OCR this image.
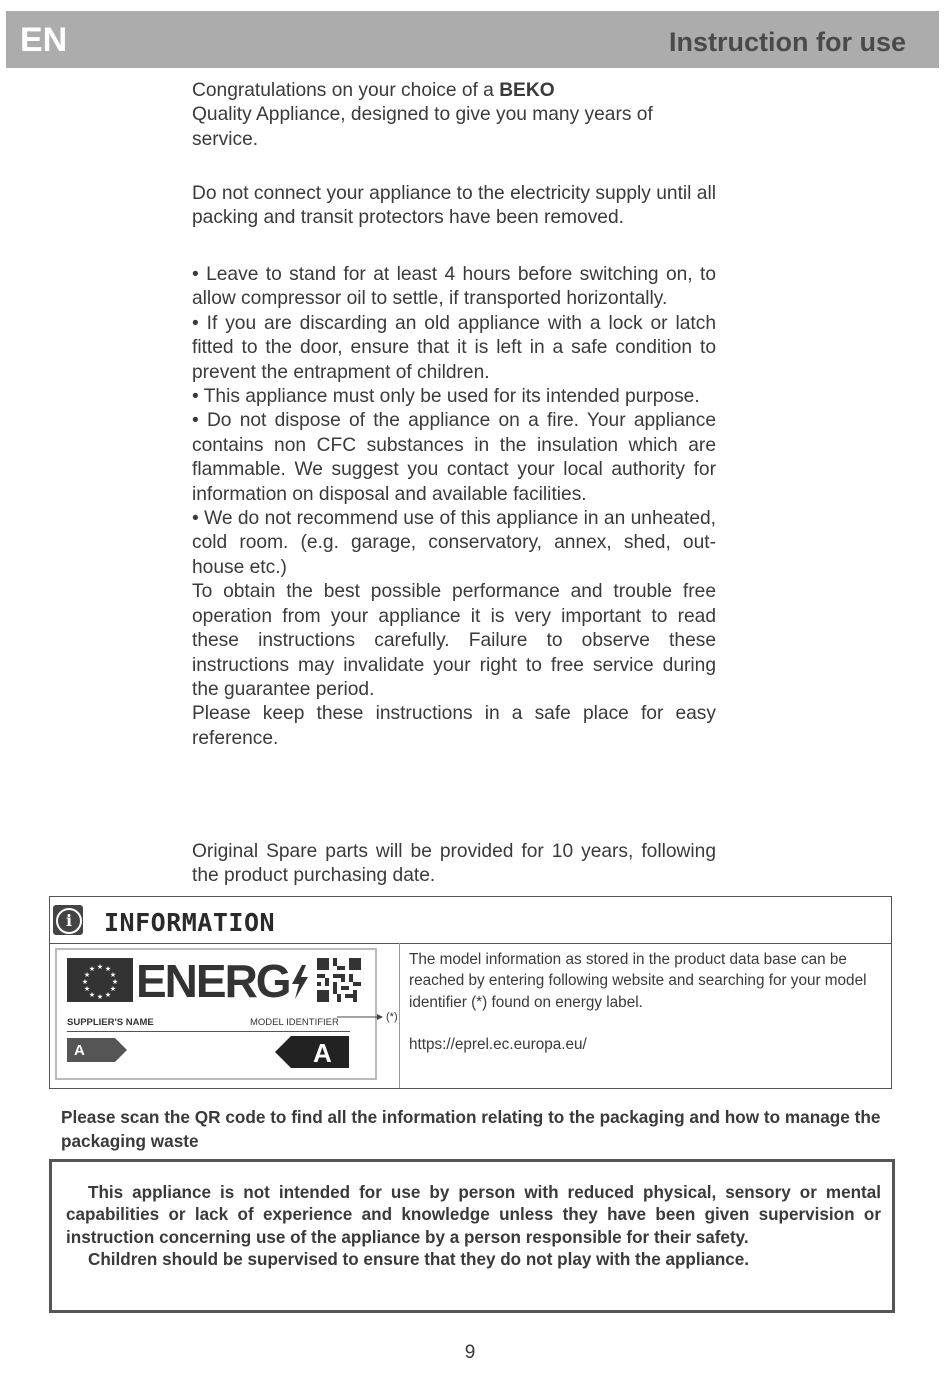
EN	Instruction for use

Congratulations on your choice of a BEKO
Quality Appliance, designed to give you many years of service.

Do not connect your appliance to the electricity supply until all packing and transit protectors have been removed.

• Leave to stand for at least 4 hours before switching on, to allow compressor oil to settle, if transported horizontally.

• If you are discarding an old appliance with a lock or latch fitted to the door, ensure that it is left in a safe condition to prevent the entrapment of children.

• This appliance must only be used for its intended purpose.

• Do not dispose of the appliance on a fire. Your appliance contains non CFC substances in the insulation which are flammable. We suggest you contact your local authority for information on disposal and available facilities.

• We do not recommend use of this appliance in an unheated, cold room. (e.g. garage, conservatory, annex, shed, out-house etc.)

To obtain the best possible performance and trouble free operation from your appliance it is very important to read these instructions carefully. Failure to observe these instructions may invalidate your right to free service during the guarantee period.

Please keep these instructions in a safe place for easy reference.

Original Spare parts will be provided for 10 years, following the product purchasing date.

i	INFORMATION
★ ★
★
★
★
★
★
★
★
★
★
★ ENERG
SUPPLIER'S NAME	MODEL IDENTIFIER
A	A
(*)
The model information as stored in the product data base can be reached by entering following website and searching for your model identifier (*) found on energy label.
https://eprel.ec.europa.eu/
Please scan the QR code to find all the information relating to the packaging and how to manage the packaging waste

This appliance is not intended for use by person with reduced physical, sensory or mental capabilities or lack of experience and knowledge unless they have been given supervision or instruction concerning use of the appliance by a person responsible for their safety.

Children should be supervised to ensure that they do not play with the appliance.

9
